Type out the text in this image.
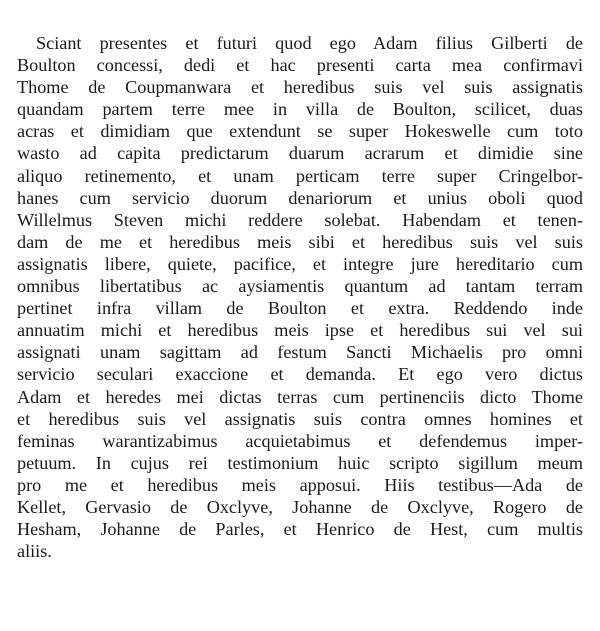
Sciant presentes et futuri quod ego Adam filius Gilberti de
Boulton concessi, dedi et hac presenti carta mea confirmavi
Thome de Coupmanwara et heredibus suis vel suis assignatis
quandam partem terre mee in villa de Boulton, scilicet, duas
acras et dimidiam que extendunt se super Hokeswelle cum toto
wasto ad capita predictarum duarum acrarum et dimidie sine
aliquo retinemento, et unam perticam terre super Cringelbor-
hanes cum servicio duorum denariorum et unius oboli quod
Willelmus Steven michi reddere solebat. Habendam et tenen-
dam de me et heredibus meis sibi et heredibus suis vel suis
assignatis libere, quiete, pacifice, et integre jure hereditario cum
omnibus libertatibus ac aysiamentis quantum ad tantam terram
pertinet infra villam de Boulton et extra. Reddendo inde
annuatim michi et heredibus meis ipse et heredibus sui vel sui
assignati unam sagittam ad festum Sancti Michaelis pro omni
servicio seculari exaccione et demanda. Et ego vero dictus
Adam et heredes mei dictas terras cum pertinenciis dicto Thome
et heredibus suis vel assignatis suis contra omnes homines et
feminas warantizabimus acquietabimus et defendemus imper-
petuum. In cujus rei testimonium huic scripto sigillum meum
pro me et heredibus meis apposui. Hiis testibus—Ada de
Kellet, Gervasio de Oxclyve, Johanne de Oxclyve, Rogero de
Hesham, Johanne de Parles, et Henrico de Hest, cum multis
aliis.
